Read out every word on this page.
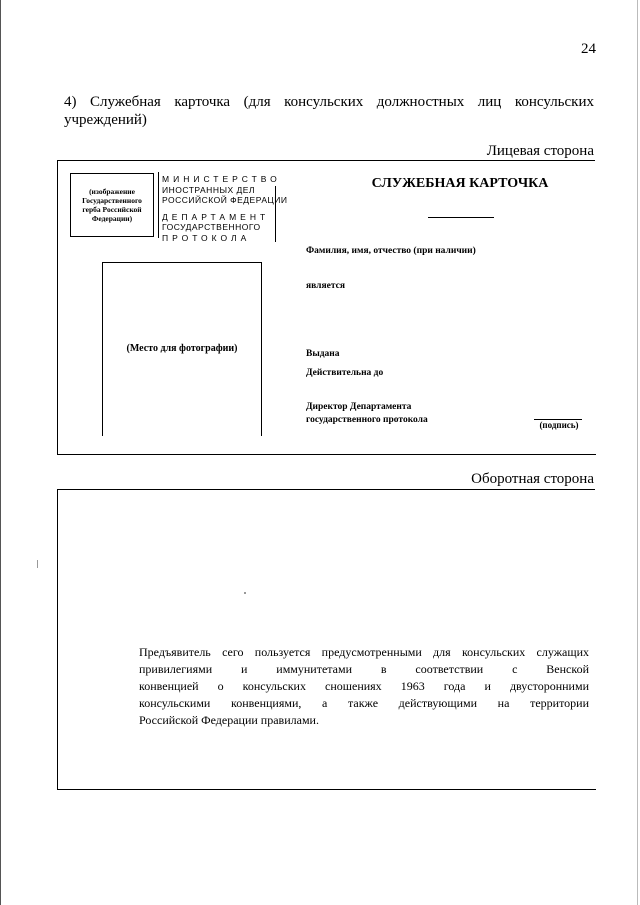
24
4) Служебная карточка (для консульских должностных лиц консульских
учреждений)
Лицевая сторона
(изображение Государственного герба Российской Федерации)
МИНИСТЕРСТВО
ИНОСТРАННЫХ ДЕЛ
РОССИЙСКОЙ ФЕДЕРАЦИИ
ДЕПАРТАМЕНТ
ГОСУДАРСТВЕННОГО
ПРОТОКОЛА
СЛУЖЕБНАЯ КАРТОЧКА
(Место для фотографии)
Фамилия, имя, отчество (при наличии)
является
Выдана
Действительна до
Директор Департамента
государственного протокола	(подпись)
Оборотная сторона
Предъявитель сего пользуется предусмотренными для консульских служащих
привилегиями и иммунитетами в соответствии с Венской
конвенцией о консульских сношениях 1963 года и двусторонними
консульскими конвенциями, а также действующими на территории
Российской Федерации правилами.
